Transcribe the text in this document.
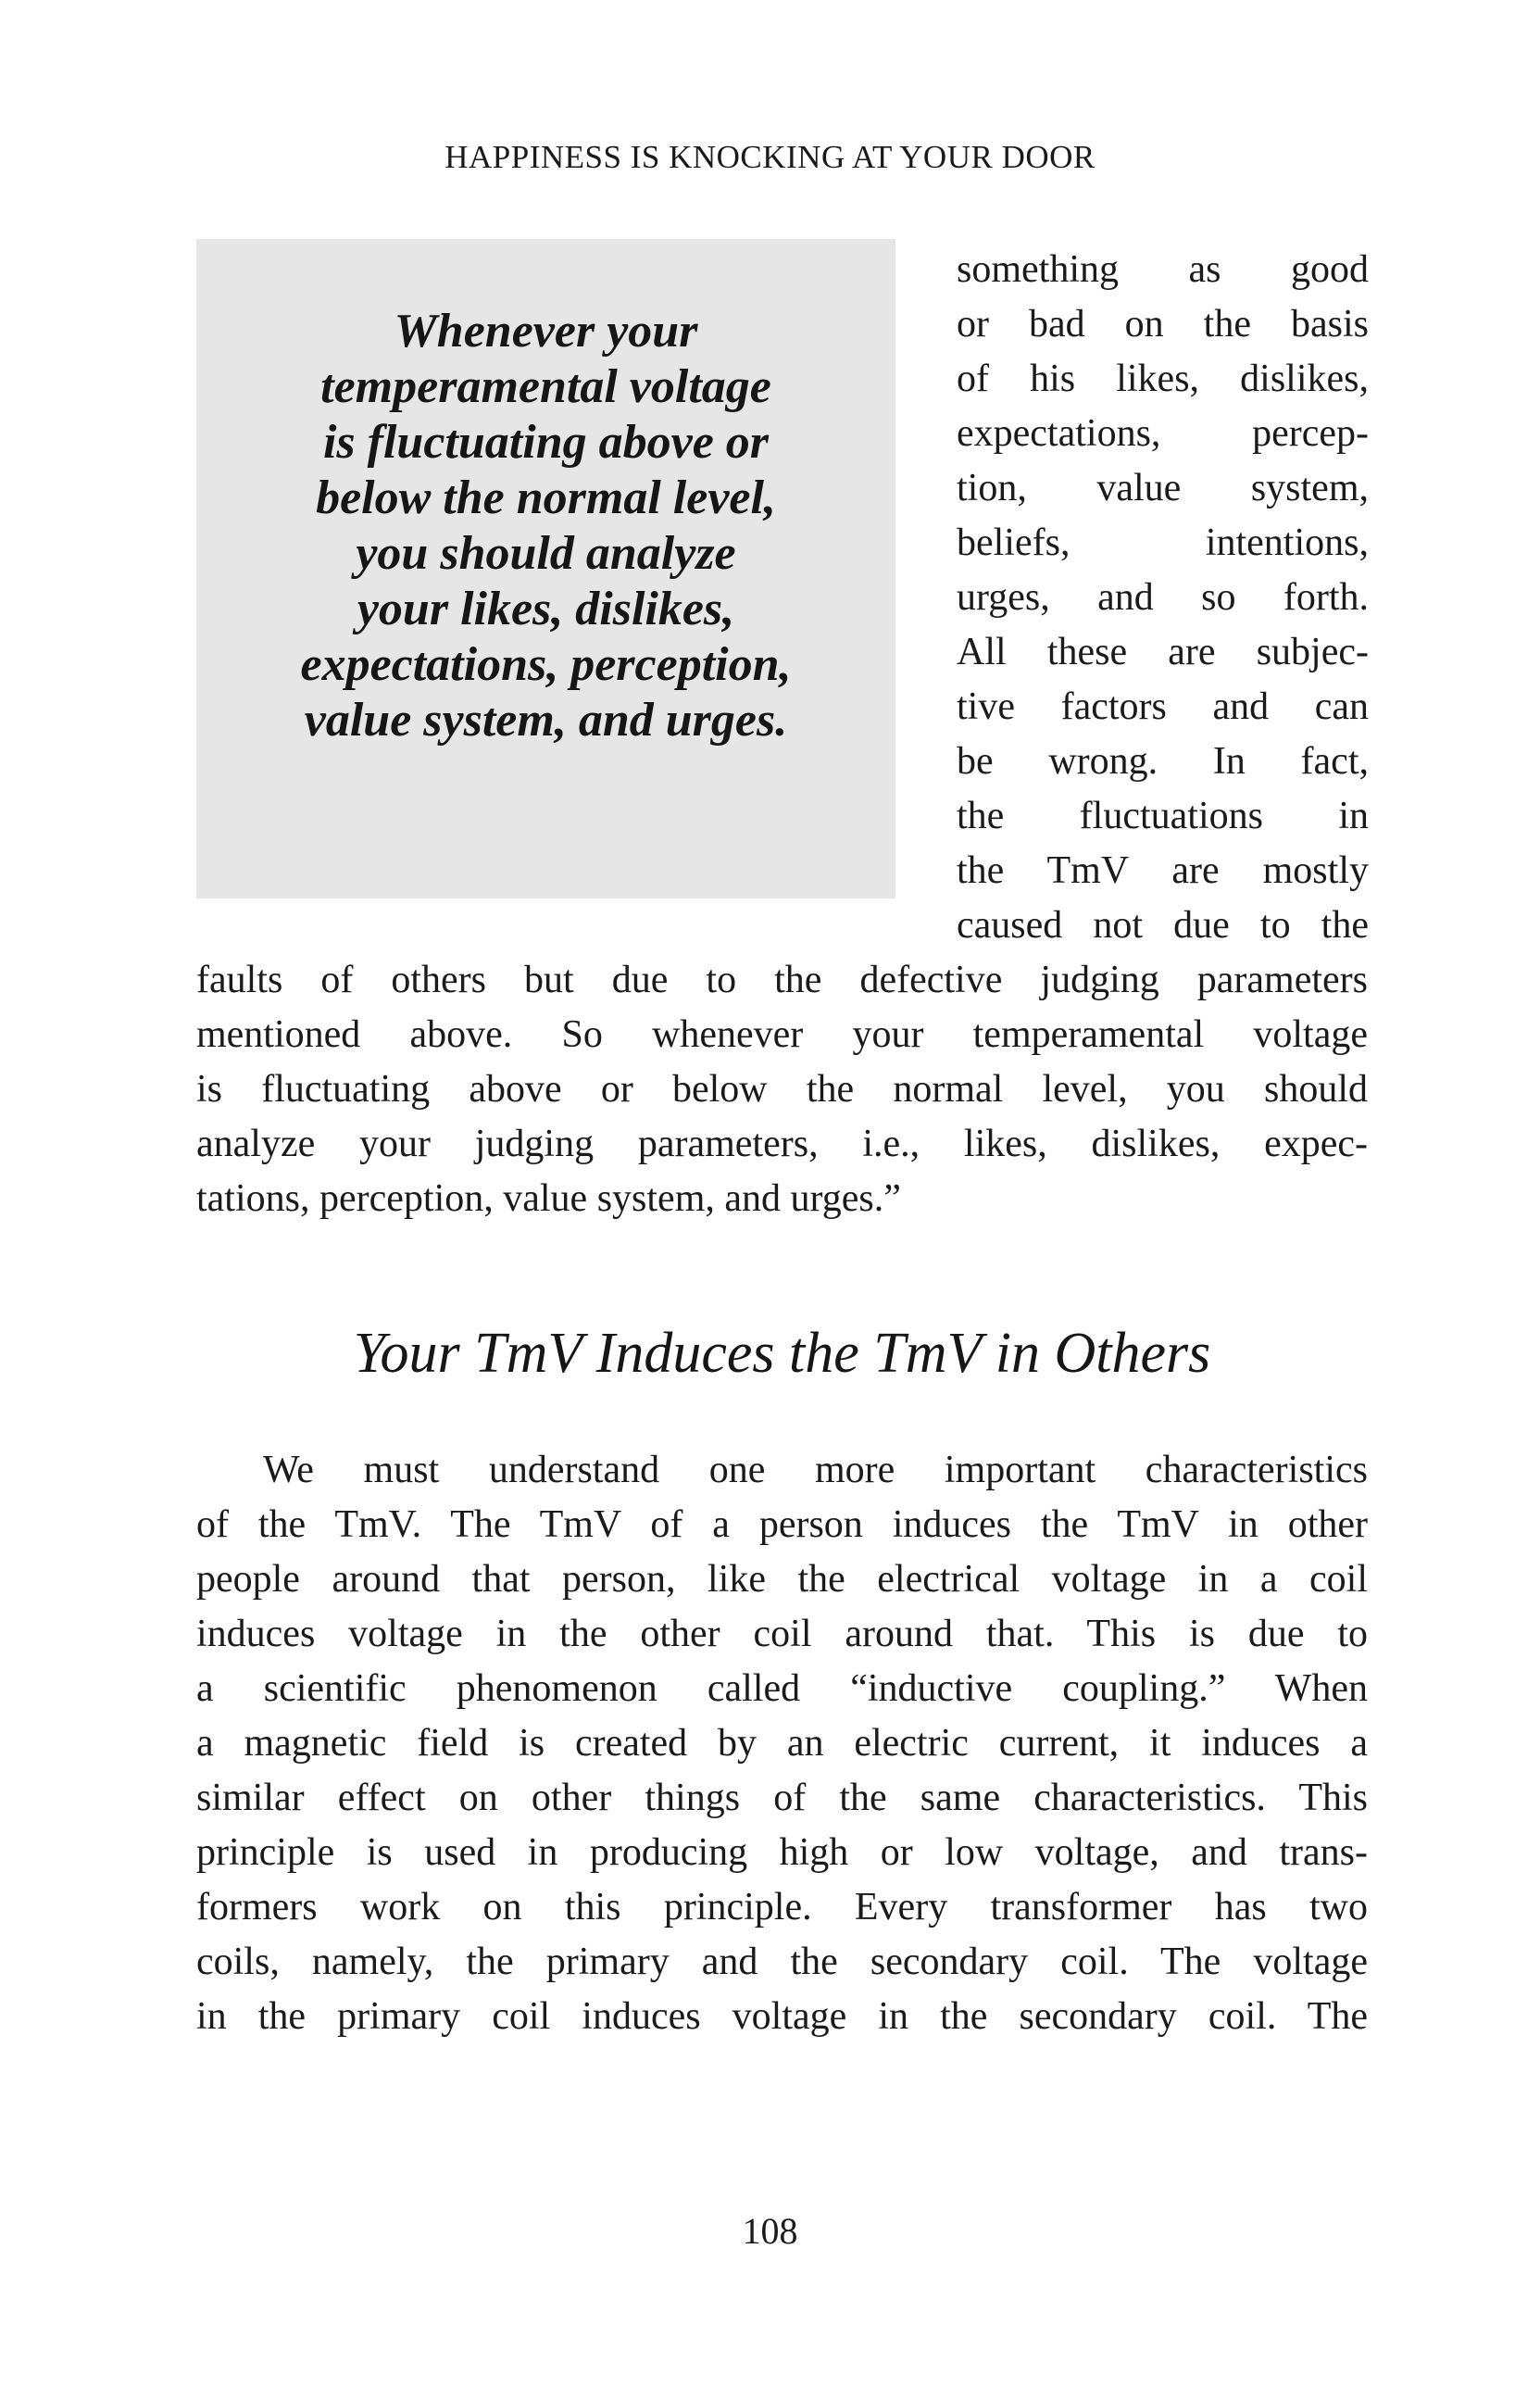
HAPPINESS IS KNOCKING AT YOUR DOOR
Whenever your
temperamental voltage
is fluctuating above or
below the normal level,
you should analyze
your likes, dislikes,
expectations, perception,
value system, and urges.
something as good
or bad on the basis
of his likes, dislikes,
expectations, percep-
tion, value system,
beliefs, intentions,
urges, and so forth.
All these are subjec-
tive factors and can
be wrong. In fact,
the fluctuations in
the TmV are mostly
caused not due to the
faults of others but due to the defective judging parameters
mentioned above. So whenever your temperamental voltage
is fluctuating above or below the normal level, you should
analyze your judging parameters, i.e., likes, dislikes, expec-
tations, perception, value system, and urges.”
Your TmV Induces the TmV in Others
We must understand one more important characteristics
of the TmV. The TmV of a person induces the TmV in other
people around that person, like the electrical voltage in a coil
induces voltage in the other coil around that. This is due to
a scientific phenomenon called “inductive coupling.” When
a magnetic field is created by an electric current, it induces a
similar effect on other things of the same characteristics. This
principle is used in producing high or low voltage, and trans-
formers work on this principle. Every transformer has two
coils, namely, the primary and the secondary coil. The voltage
in the primary coil induces voltage in the secondary coil. The
108
